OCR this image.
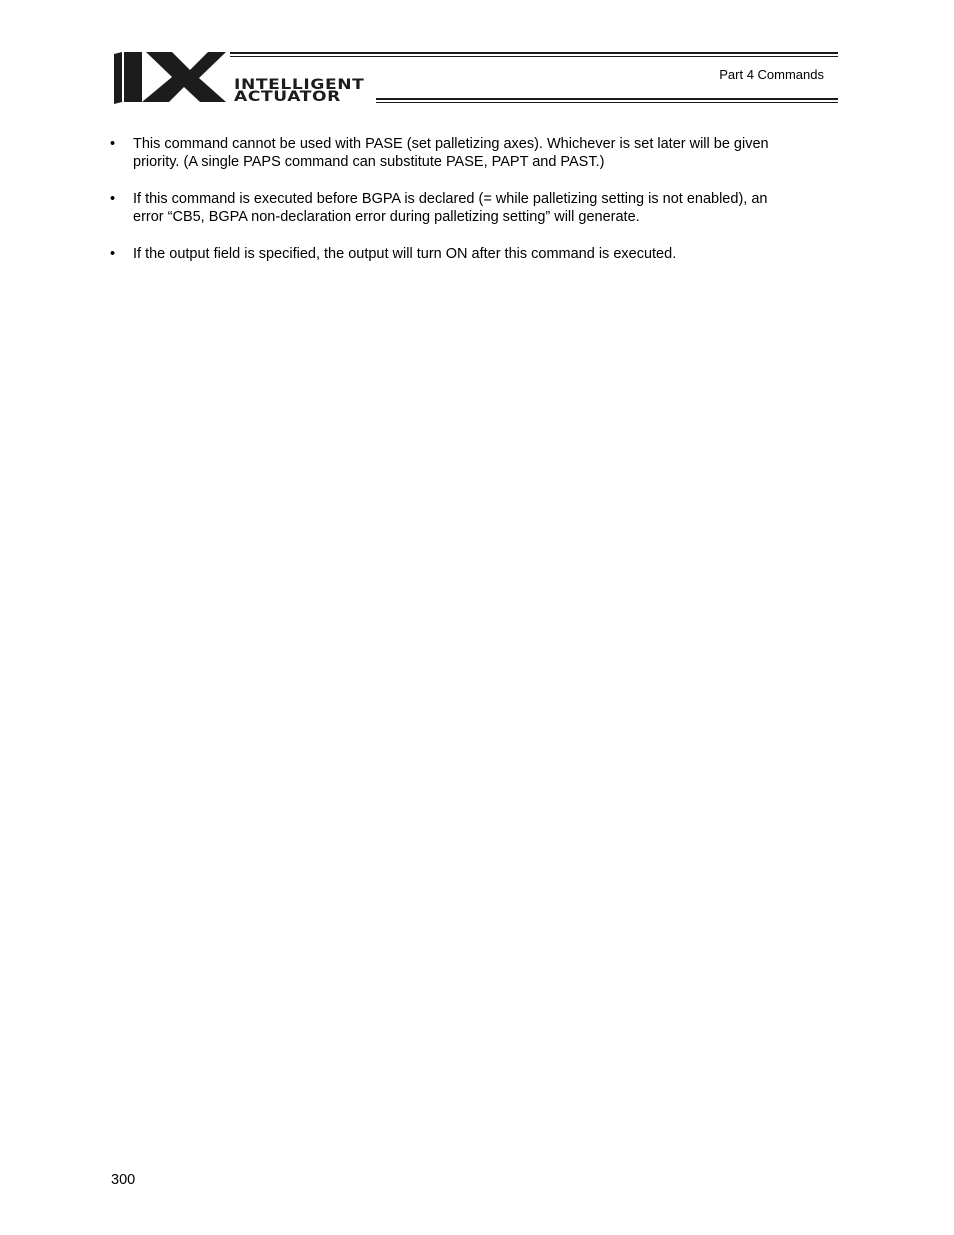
INTELLIGENT
ACTUATOR
Part 4 Commands
•	This command cannot be used with PASE (set palletizing axes). Whichever is set later will be given
priority. (A single PAPS command can substitute PASE, PAPT and PAST.)
•	If this command is executed before BGPA is declared (= while palletizing setting is not enabled), an
error “CB5, BGPA non-declaration error during palletizing setting” will generate.
•	If the output field is specified, the output will turn ON after this command is executed.
300
